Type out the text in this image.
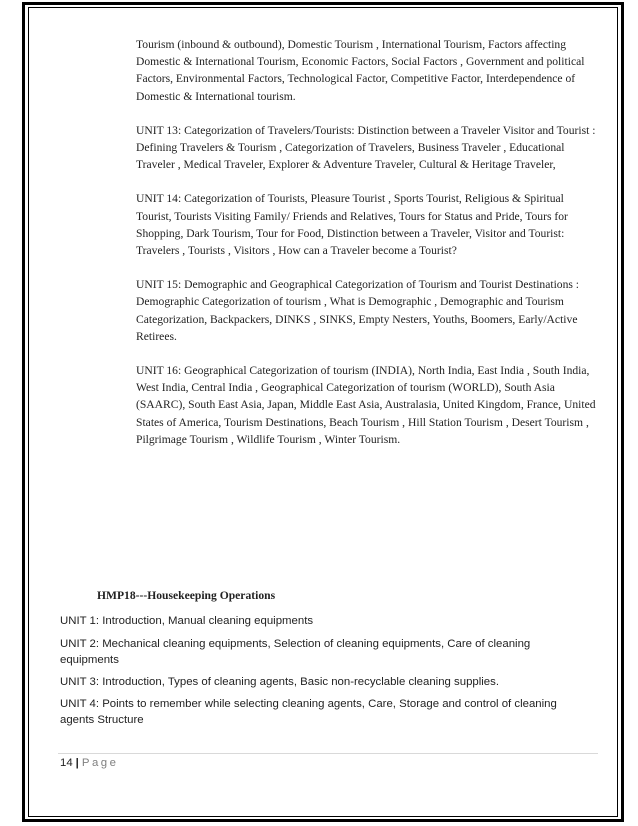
Tourism (inbound & outbound), Domestic Tourism , International Tourism, Factors affecting Domestic & International Tourism, Economic Factors, Social Factors , Government and political Factors, Environmental Factors, Technological Factor, Competitive Factor, Interdependence of Domestic & International tourism.

UNIT 13: Categorization of Travelers/Tourists: Distinction between a Traveler Visitor and Tourist : Defining Travelers & Tourism , Categorization of Travelers, Business Traveler , Educational Traveler , Medical Traveler, Explorer & Adventure Traveler, Cultural & Heritage Traveler,

UNIT 14: Categorization of Tourists, Pleasure Tourist , Sports Tourist, Religious & Spiritual Tourist, Tourists Visiting Family/ Friends and Relatives, Tours for Status and Pride, Tours for Shopping, Dark Tourism, Tour for Food, Distinction between a Traveler, Visitor and Tourist: Travelers , Tourists , Visitors , How can a Traveler become a Tourist?

UNIT 15: Demographic and Geographical Categorization of Tourism and Tourist Destinations :

Demographic Categorization of tourism , What is Demographic , Demographic and Tourism Categorization, Backpackers, DINKS , SINKS, Empty Nesters, Youths, Boomers, Early/Active Retirees.

UNIT 16: Geographical Categorization of tourism (INDIA), North India, East India , South India, West India, Central India , Geographical Categorization of tourism (WORLD), South Asia (SAARC), South East Asia, Japan, Middle East Asia, Australasia, United Kingdom, France, United States of America, Tourism Destinations, Beach Tourism , Hill Station Tourism , Desert Tourism , Pilgrimage Tourism , Wildlife Tourism , Winter Tourism.

HMP18---Housekeeping Operations
UNIT 1: Introduction, Manual cleaning equipments
UNIT 2: Mechanical cleaning equipments, Selection of cleaning equipments, Care of cleaning equipments
UNIT 3: Introduction, Types of cleaning agents, Basic non-recyclable cleaning supplies.
UNIT 4: Points to remember while selecting cleaning agents, Care, Storage and control of cleaning agents Structure
14 | Page
